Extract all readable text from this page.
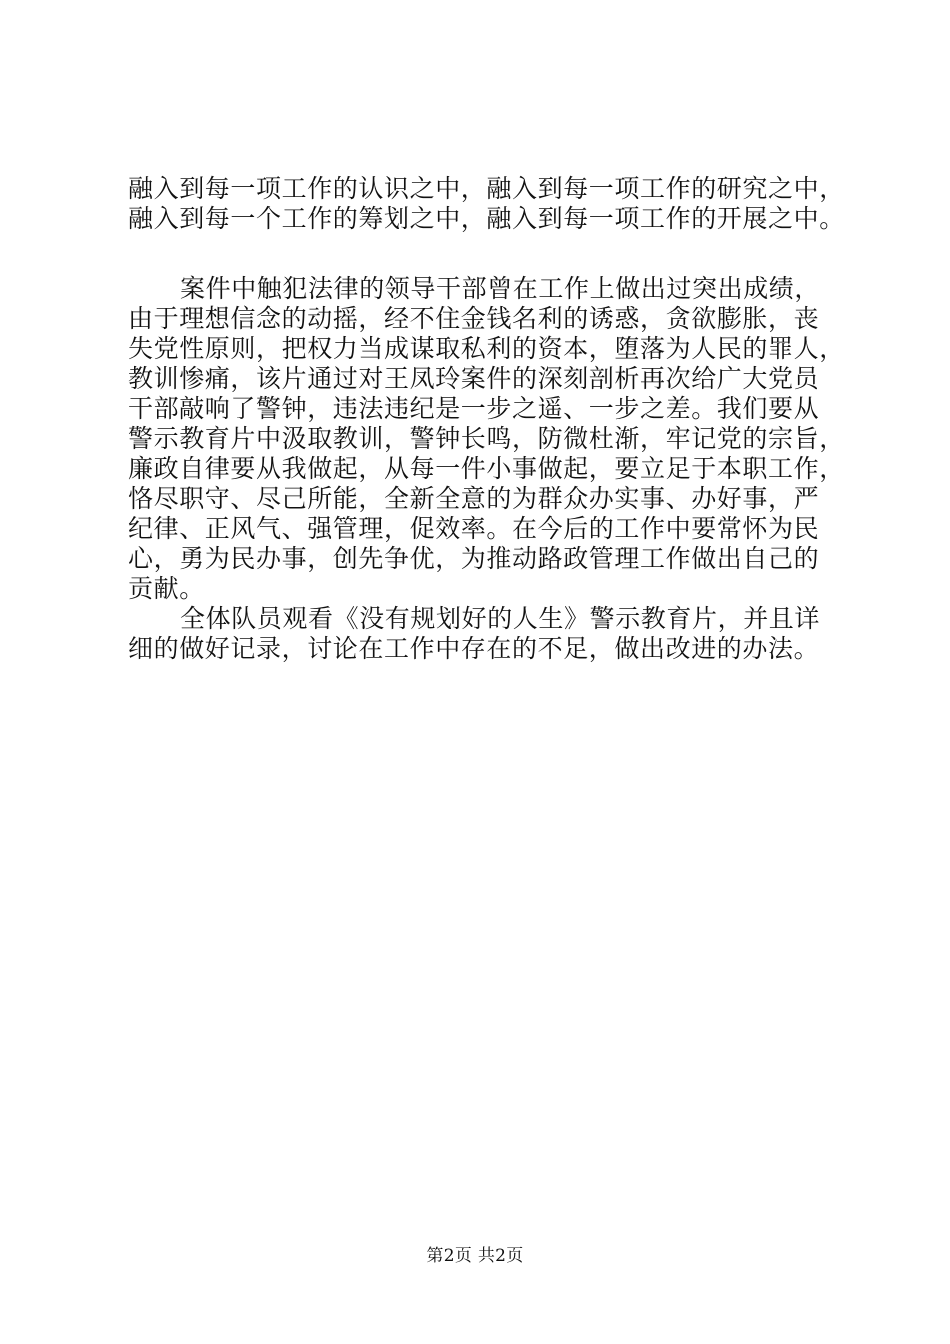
融入到每一项工作的认识之中，融入到每一项工作的研究之中，
融入到每一个工作的筹划之中，融入到每一项工作的开展之中。
案件中触犯法律的领导干部曾在工作上做出过突出成绩，
由于理想信念的动摇，经不住金钱名利的诱惑，贪欲膨胀，丧
失党性原则，把权力当成谋取私利的资本，堕落为人民的罪人，
教训惨痛，该片通过对王凤玲案件的深刻剖析再次给广大党员
干部敲响了警钟，违法违纪是一步之遥、一步之差。我们要从
警示教育片中汲取教训，警钟长鸣，防微杜渐，牢记党的宗旨，
廉政自律要从我做起，从每一件小事做起，要立足于本职工作，
恪尽职守、尽己所能，全新全意的为群众办实事、办好事，严
纪律、正风气、强管理，促效率。在今后的工作中要常怀为民
心，勇为民办事，创先争优，为推动路政管理工作做出自己的
贡献。
全体队员观看《没有规划好的人生》警示教育片，并且详
细的做好记录，讨论在工作中存在的不足，做出改进的办法。
第2页 共2页
